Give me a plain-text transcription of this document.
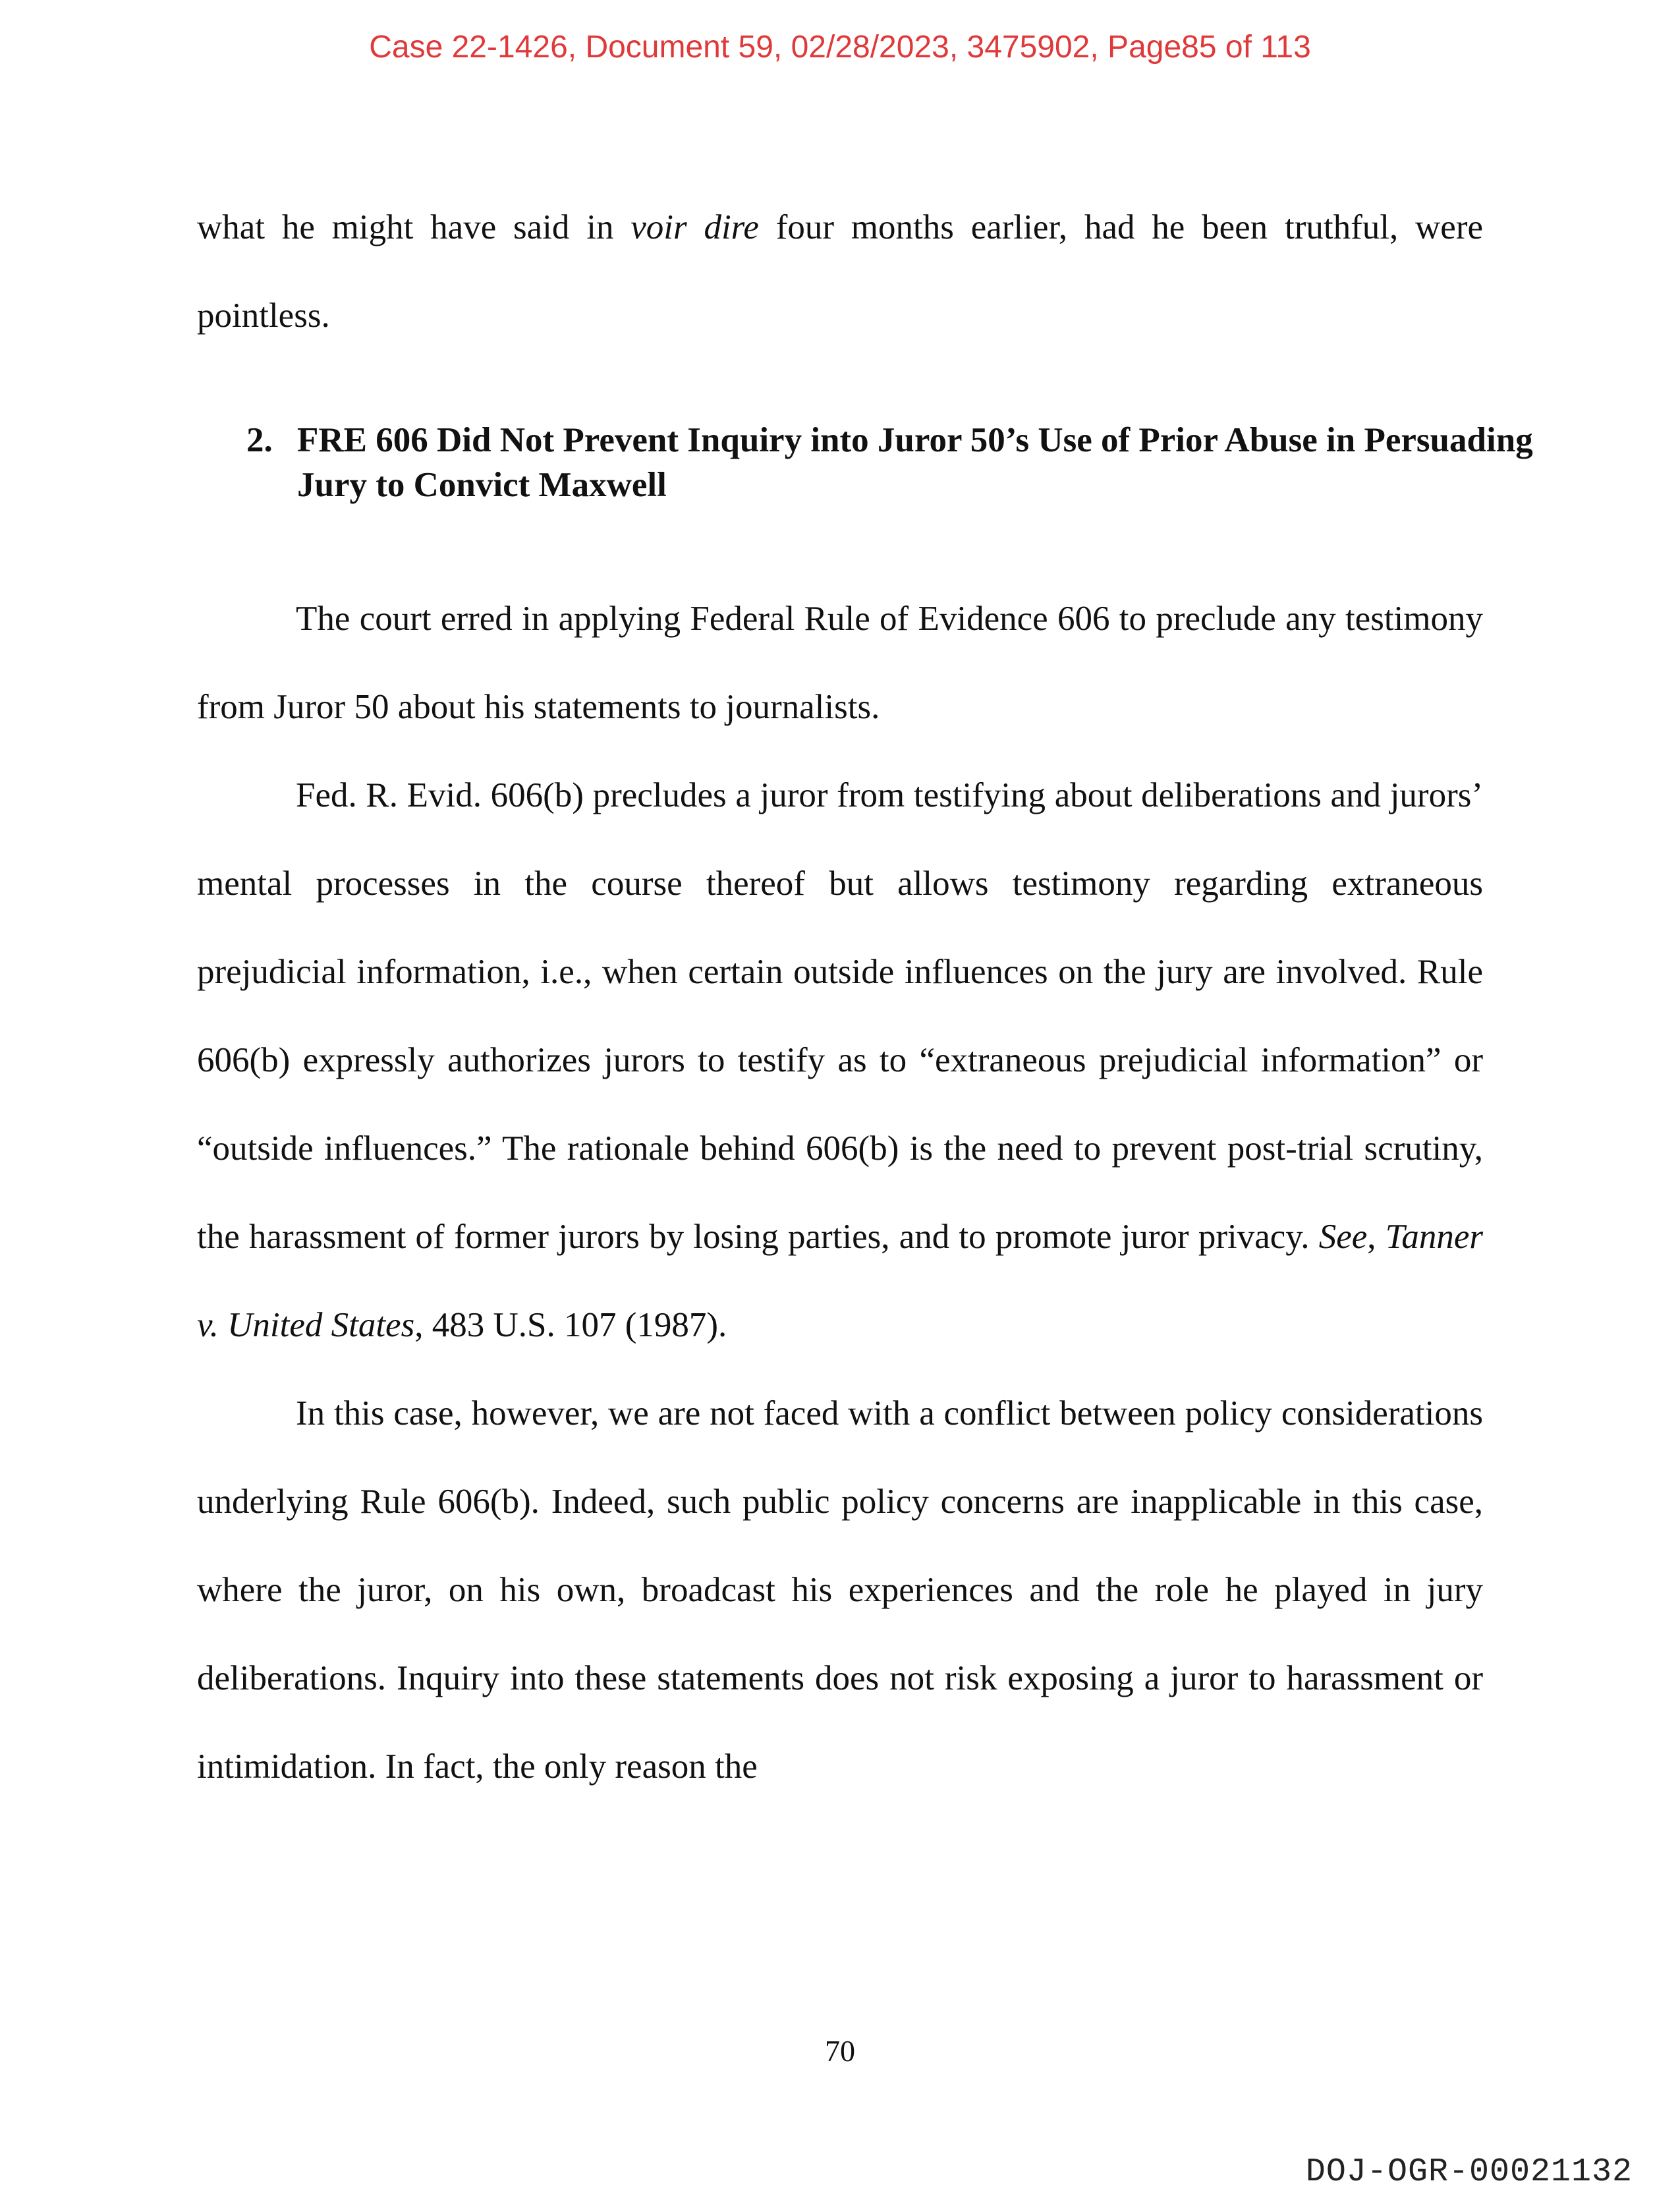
Case 22-1426, Document 59, 02/28/2023, 3475902, Page85 of 113

what he might have said in voir dire four months earlier, had he been truthful, were pointless.

2. FRE 606 Did Not Prevent Inquiry into Juror 50’s Use of Prior Abuse in Persuading Jury to Convict Maxwell

The court erred in applying Federal Rule of Evidence 606 to preclude any testimony from Juror 50 about his statements to journalists.

Fed. R. Evid. 606(b) precludes a juror from testifying about deliberations and jurors’ mental processes in the course thereof but allows testimony regarding extraneous prejudicial information, i.e., when certain outside influences on the jury are involved. Rule 606(b) expressly authorizes jurors to testify as to “extraneous prejudicial information” or “outside influences.” The rationale behind 606(b) is the need to prevent post-trial scrutiny, the harassment of former jurors by losing parties, and to promote juror privacy. See, Tanner v. United States, 483 U.S. 107 (1987).

In this case, however, we are not faced with a conflict between policy considerations underlying Rule 606(b). Indeed, such public policy concerns are inapplicable in this case, where the juror, on his own, broadcast his experiences and the role he played in jury deliberations. Inquiry into these statements does not risk exposing a juror to harassment or intimidation. In fact, the only reason the

70
DOJ-OGR-00021132
